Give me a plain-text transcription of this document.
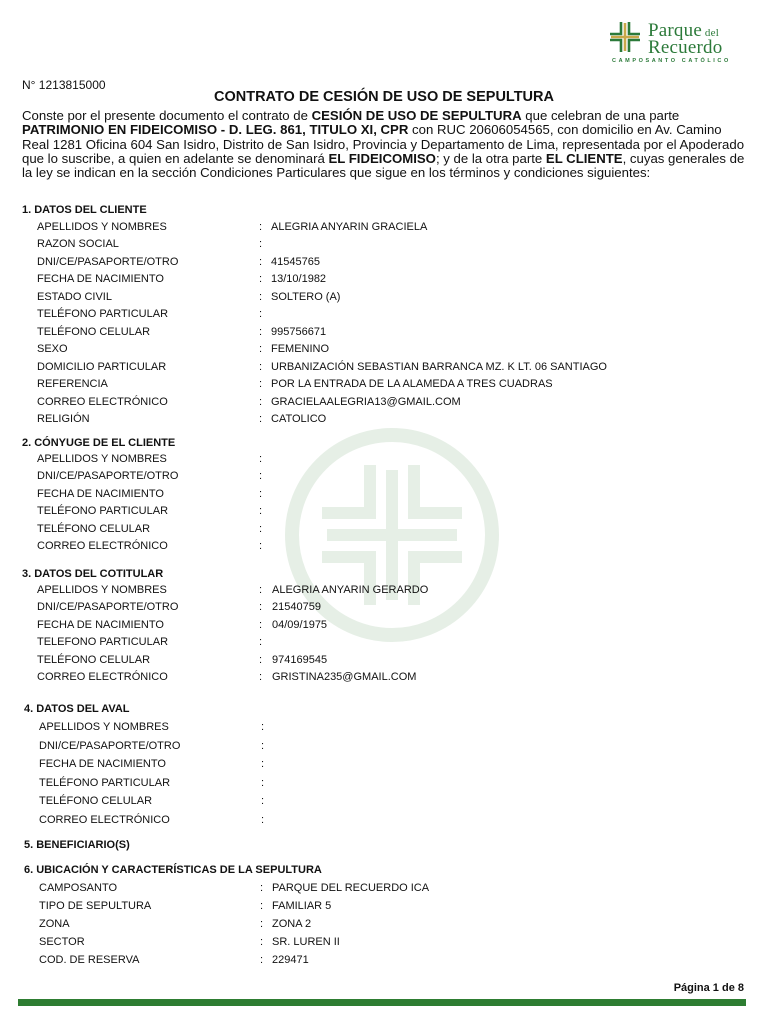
Parque del
Recuerdo
CAMPOSANTO CATÓLICO
N° 1213815000
CONTRATO DE CESIÓN DE USO DE SEPULTURA
Conste por el presente documento el contrato de CESIÓN DE USO DE SEPULTURA que celebran de una parte PATRIMONIO EN FIDEICOMISO - D. LEG. 861, TITULO XI, CPR con RUC 20606054565, con domicilio en Av. Camino Real 1281 Oficina 604 San Isidro, Distrito de San Isidro, Provincia y Departamento de Lima, representada por el Apoderado que lo suscribe, a quien en adelante se denominará EL FIDEICOMISO; y de la otra parte EL CLIENTE, cuyas generales de la ley se indican en la sección Condiciones Particulares que sigue en los términos y condiciones siguientes:
1. DATOS DEL CLIENTE
APELLIDOS Y NOMBRES	: ALEGRIA ANYARIN GRACIELA
RAZON SOCIAL	:
DNI/CE/PASAPORTE/OTRO	: 41545765
FECHA DE NACIMIENTO	: 13/10/1982
ESTADO CIVIL	: SOLTERO (A)
TELÉFONO PARTICULAR	:
TELÉFONO CELULAR	: 995756671
SEXO	: FEMENINO
DOMICILIO PARTICULAR	: URBANIZACIÓN SEBASTIAN BARRANCA MZ. K LT. 06 SANTIAGO
REFERENCIA	: POR LA ENTRADA DE LA ALAMEDA A TRES CUADRAS
CORREO ELECTRÓNICO	: GRACIELAALEGRIA13@GMAIL.COM
RELIGIÓN	: CATOLICO
2. CÓNYUGE DE EL CLIENTE
APELLIDOS Y NOMBRES	:
DNI/CE/PASAPORTE/OTRO	:
FECHA DE NACIMIENTO	:
TELÉFONO PARTICULAR	:
TELÉFONO CELULAR	:
CORREO ELECTRÓNICO	:
3. DATOS DEL COTITULAR
APELLIDOS Y NOMBRES	: ALEGRIA ANYARIN GERARDO
DNI/CE/PASAPORTE/OTRO	: 21540759
FECHA DE NACIMIENTO	: 04/09/1975
TELEFONO PARTICULAR	:
TELÉFONO CELULAR	: 974169545
CORREO ELECTRÓNICO	: GRISTINA235@GMAIL.COM
4. DATOS DEL AVAL
APELLIDOS Y NOMBRES	:
DNI/CE/PASAPORTE/OTRO	:
FECHA DE NACIMIENTO	:
TELÉFONO PARTICULAR	:
TELÉFONO CELULAR	:
CORREO ELECTRÓNICO	:
5. BENEFICIARIO(S)
6. UBICACIÓN Y CARACTERÍSTICAS DE LA SEPULTURA
CAMPOSANTO	: PARQUE DEL RECUERDO ICA
TIPO DE SEPULTURA	: FAMILIAR 5
ZONA	: ZONA 2
SECTOR	: SR. LUREN II
COD. DE RESERVA	: 229471
Página 1 de 8
